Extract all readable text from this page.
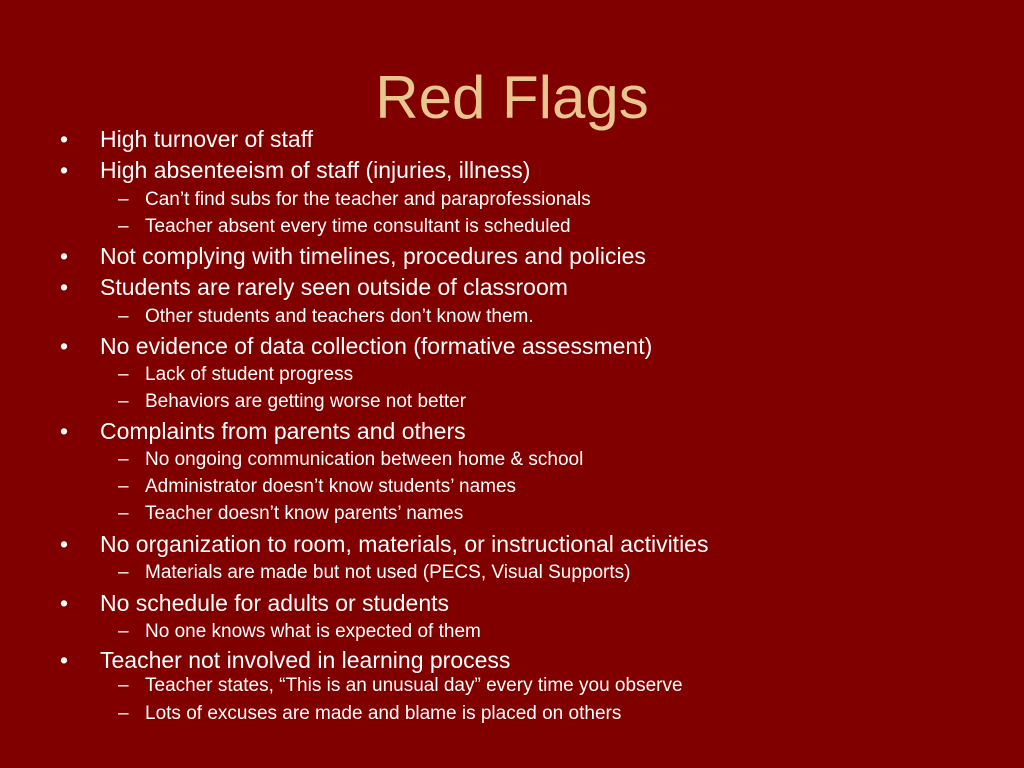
Red Flags
• High turnover of staff
• High absenteeism of staff (injuries, illness)
– Can’t find subs for the teacher and paraprofessionals
– Teacher absent every time consultant is scheduled
• Not complying with timelines, procedures and policies
• Students are rarely seen outside of classroom
– Other students and teachers don’t know them.
• No evidence of data collection (formative assessment)
– Lack of student progress
– Behaviors are getting worse not better
• Complaints from parents and others
– No ongoing communication between home & school
– Administrator doesn’t know students’ names
– Teacher doesn’t know parents’ names
• No organization to room, materials, or instructional activities
– Materials are made but not used (PECS, Visual Supports)
• No schedule for adults or students
– No one knows what is expected of them
• Teacher not involved in learning process
– Teacher states, “This is an unusual day” every time you observe
– Lots of excuses are made and blame is placed on others
